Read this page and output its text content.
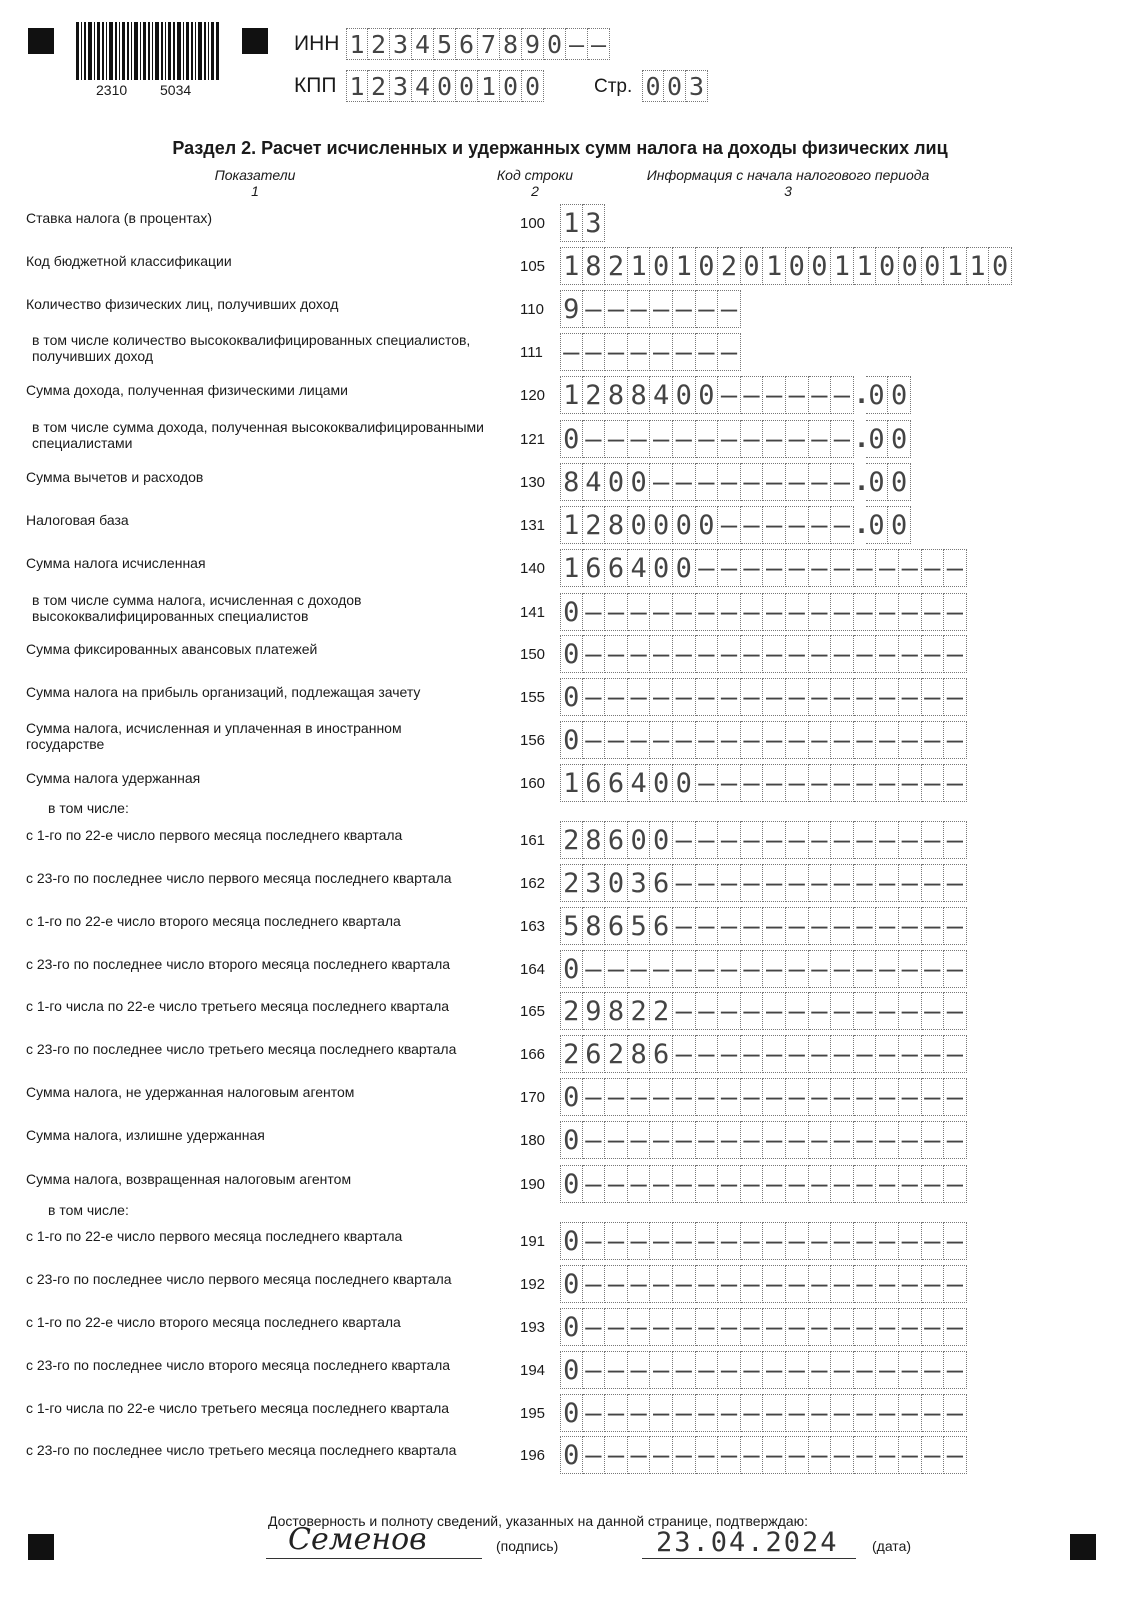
2310 5034
ИНН 1 2 3 4 5 6 7 8 9 0 – –
КПП 1 2 3 4 0 0 1 0 0	Стр. 0 0 3
Раздел 2. Расчет исчисленных и удержанных сумм налога на доходы физических лиц
Показатели
1
Код строки
2
Информация с начала налогового периода
3
в том числе:
в том числе:
Ставка налога (в процентах)	100 1 3
Код бюджетной классификации	105 1 8 2 1 0 1 0 2 0 1 0 0 1 1 0 0 0 1 1 0
Количество физических лиц, получивших доход	110 9 – – – – – – –
в том числе количество высококвалифицированных специалистов, получивших доход	111 – – – – – – – –
Сумма дохода, полученная физическими лицами	120 1 2 8 8 4 0 0 – – – – – – . 0 0
в том числе сумма дохода, полученная высококвалифицированными специалистами	121 0 – – – – – – – – – – – – . 0 0
Сумма вычетов и расходов	130 8 4 0 0 – – – – – – – – – . 0 0
Налоговая база	131 1 2 8 0 0 0 0 – – – – – – . 0 0
Сумма налога исчисленная	140 1 6 6 4 0 0 – – – – – – – – – – – –
в том числе сумма налога, исчисленная с доходов высококвалифицированных специалистов	141 0 – – – – – – – – – – – – – – – – –
Сумма фиксированных авансовых платежей	150 0 – – – – – – – – – – – – – – – – –
Сумма налога на прибыль организаций, подлежащая зачету	155 0 – – – – – – – – – – – – – – – – –
Сумма налога, исчисленная и уплаченная в иностранном государстве	156 0 – – – – – – – – – – – – – – – – –
Сумма налога удержанная	160 1 6 6 4 0 0 – – – – – – – – – – – –
с 1-го по 22-е число первого месяца последнего квартала	161 2 8 6 0 0 – – – – – – – – – – – – –
с 23-го по последнее число первого месяца последнего квартала	162 2 3 0 3 6 – – – – – – – – – – – – –
с 1-го по 22-е число второго месяца последнего квартала	163 5 8 6 5 6 – – – – – – – – – – – – –
с 23-го по последнее число второго месяца последнего квартала	164 0 – – – – – – – – – – – – – – – – –
с 1-го числа по 22-е число третьего месяца последнего квартала	165 2 9 8 2 2 – – – – – – – – – – – – –
с 23-го по последнее число третьего месяца последнего квартала	166 2 6 2 8 6 – – – – – – – – – – – – –
Сумма налога, не удержанная налоговым агентом	170 0 – – – – – – – – – – – – – – – – –
Сумма налога, излишне удержанная	180 0 – – – – – – – – – – – – – – – – –
Сумма налога, возвращенная налоговым агентом	190 0 – – – – – – – – – – – – – – – – –
с 1-го по 22-е число первого месяца последнего квартала	191 0 – – – – – – – – – – – – – – – – –
с 23-го по последнее число первого месяца последнего квартала	192 0 – – – – – – – – – – – – – – – – –
с 1-го по 22-е число второго месяца последнего квартала	193 0 – – – – – – – – – – – – – – – – –
с 23-го по последнее число второго месяца последнего квартала	194 0 – – – – – – – – – – – – – – – – –
с 1-го числа по 22-е число третьего месяца последнего квартала	195 0 – – – – – – – – – – – – – – – – –
с 23-го по последнее число третьего месяца последнего квартала	196 0 – – – – – – – – – – – – – – – – –
Достоверность и полноту сведений, указанных на данной странице, подтверждаю:
Семенов	(подпись)	23.04.2024 (дата)
